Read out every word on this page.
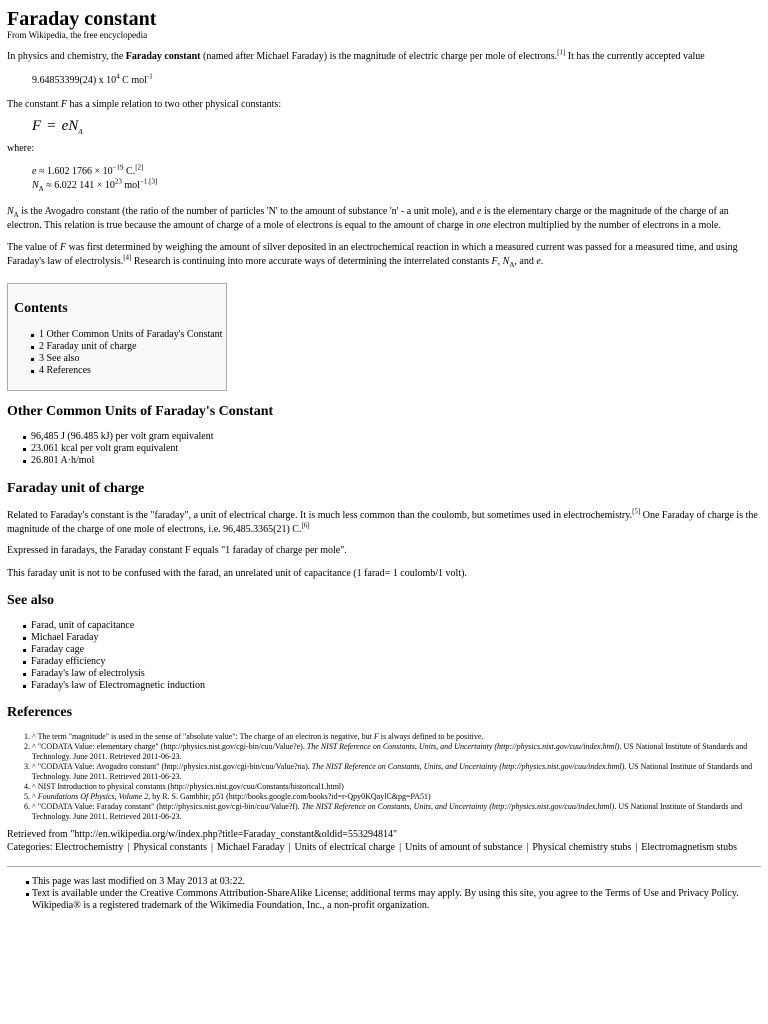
Faraday constant
From Wikipedia, the free encyclopedia
In physics and chemistry, the Faraday constant (named after Michael Faraday) is the magnitude of electric charge per mole of electrons.[1] It has the currently accepted value
9.64853399(24) x $10^4$ C mol$^{-1}$
The constant F has a simple relation to two other physical constants:
$F = eN_A$
where:
e ≈ 1.602 $1766 \times 10^{-19}$ C.[2]
$N_A \approx 6.022$ $141 \times 10^{23}$ mol$^{-1.[3]}$
$N_A$ is the Avogadro constant (the ratio of the number of particles 'N' to the amount of substance 'n' - a unit mole), and e is the elementary charge or the magnitude of the charge of an electron. This relation is true because the amount of charge of a mole of electrons is equal to the amount of charge in one electron multiplied by the number of electrons in a mole.
The value of F was first determined by weighing the amount of silver deposited in an electrochemical reaction in which a measured current was passed for a measured time, and using Faraday's law of electrolysis.[4] Research is continuing into more accurate ways of determining the interrelated constants F, $N_A$, and e.
Contents
1 Other Common Units of Faraday's Constant
2 Faraday unit of charge
3 See also
4 References
Other Common Units of Faraday's Constant
96,485 J (96.485 kJ) per volt gram equivalent
23.061 kcal per volt gram equivalent
26.801 A·h/mol
Faraday unit of charge
Related to Faraday's constant is the "faraday", a unit of electrical charge. It is much less common than the coulomb, but sometimes used in electrochemistry.[5] One Faraday of charge is the magnitude of the charge of one mole of electrons, i.e. 96,485.3365(21) C.[6]
Expressed in faradays, the Faraday constant F equals "1 faraday of charge per mole".
This faraday unit is not to be confused with the farad, an unrelated unit of capacitance (1 farad= 1 coulomb/1 volt).
See also
Farad, unit of capacitance
Michael Faraday
Faraday cage
Faraday efficiency
Faraday's law of electrolysis
Faraday's law of Electromagnetic induction
References
1. ^ The term "magnitude" is used in the sense of "absolute value": The charge of an electron is negative, but F is always defined to be positive.
2. ^ "CODATA Value: elementary charge" (http://physics.nist.gov/cgi-bin/cuu/Value?e). The NIST Reference on Constants, Units, and Uncertainty (http://physics.nist.gov/cuu/index.html). US National Institute of Standards and Technology. June 2011. Retrieved 2011-06-23.
3. ^ "CODATA Value: Avogadro constant" (http://physics.nist.gov/cgi-bin/cuu/Value?na). The NIST Reference on Constants, Units, and Uncertainty (http://physics.nist.gov/cuu/index.html). US National Institute of Standards and Technology. June 2011. Retrieved 2011-06-23.
4. ^ NIST Introduction to physical constants (http://physics.nist.gov/cuu/Constants/historical1.html)
5. ^ Foundations Of Physics, Volume 2, by R. S. Gambhir, p51 (http://books.google.com/books?id=r-Qpy0KQaylC&pg=PA51)
6. ^ "CODATA Value: Faraday constant" (http://physics.nist.gov/cgi-bin/cuu/Value?f). The NIST Reference on Constants, Units, and Uncertainty (http://physics.nist.gov/cuu/index.html). US National Institute of Standards and Technology. June 2011. Retrieved 2011-06-23.
Retrieved from "http://en.wikipedia.org/w/index.php?title=Faraday_constant&oldid=553294814"
Categories: Electrochemistry | Physical constants | Michael Faraday | Units of electrical charge | Units of amount of substance | Physical chemistry stubs | Electromagnetism stubs
This page was last modified on 3 May 2013 at 03:22.
Text is available under the Creative Commons Attribution-ShareAlike License; additional terms may apply. By using this site, you agree to the Terms of Use and Privacy Policy. Wikipedia® is a registered trademark of the Wikimedia Foundation, Inc., a non-profit organization.
